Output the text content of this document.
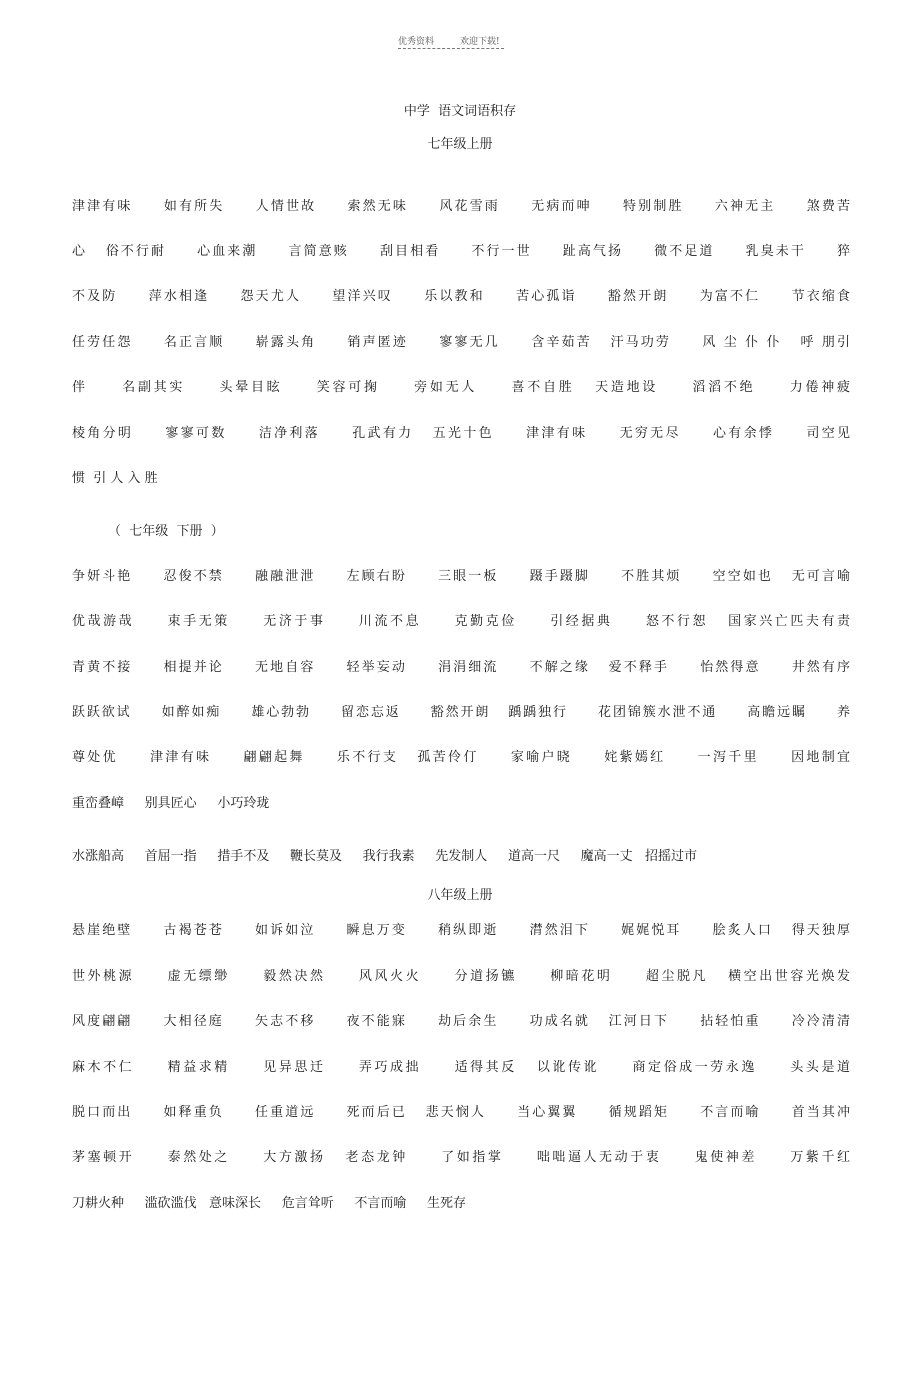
优秀资料	欢迎下载!
中学  语文词语积存
七年级上册
津津有味     如有所失     人情世故     索然无味     风花雪雨     无病而呻     特别制胜     六神无主     煞费苦
心   俗不行耐     心血来潮     言简意赅     刮目相看     不行一世     趾高气扬     微不足道     乳臭未干     猝
不及防     萍水相逢     怨天尤人     望洋兴叹     乐以教和     苦心孤诣     豁然开朗     为富不仁     节衣缩食
任劳任怨     名正言顺     崭露头角     销声匿迹     寥寥无几     含辛茹苦   汗马功劳     风 尘 仆 仆   呼 朋引
伴     名副其实     头晕目眩     笑容可掬     旁如无人     喜不自胜   天造地设     滔滔不绝     力倦神疲
棱角分明     寥寥可数     洁净利落     孔武有力   五光十色     津津有味     无穷无尽     心有余悸     司空见
惯  引 人 入 胜
（  七年级  下册  ）
争妍斗艳     忍俊不禁     融融泄泄     左顾右盼     三眼一板     蹑手蹑脚     不胜其烦     空空如也   无可言喻
优哉游哉     束手无策     无济于事     川流不息     克勤克俭     引经据典     怒不行恕   国家兴亡匹夫有责
青黄不接     相提并论     无地自容     轻举妄动     涓涓细流     不解之缘   爱不释手     怡然得意     井然有序
跃跃欲试     如醉如痴     雄心勃勃     留恋忘返     豁然开朗   踽踽独行     花团锦簇水泄不通     高瞻远瞩     养
尊处优     津津有味     翩翩起舞     乐不行支   孤苦伶仃     家喻户晓     姹紫嫣红     一泻千里     因地制宜
重峦叠嶂     别具匠心     小巧玲珑
水涨船高     首屈一指     措手不及     鞭长莫及     我行我素     先发制人     道高一尺     魔高一丈   招摇过市
八年级上册
悬崖绝壁     古褐苍苍     如诉如泣     瞬息万变     稍纵即逝     潸然泪下     娓娓悦耳     脍炙人口   得天独厚
世外桃源     虚无缥缈     毅然决然     风风火火     分道扬镳     柳暗花明     超尘脱凡   横空出世容光焕发
风度翩翩     大相径庭     矢志不移     夜不能寐     劫后余生     功成名就   江河日下     拈轻怕重     冷冷清清
麻木不仁     精益求精     见异思迁     弄巧成拙     适得其反   以讹传讹     商定俗成一劳永逸     头头是道
脱口而出     如释重负     任重道远     死而后已   悲天悯人     当心翼翼     循规蹈矩     不言而喻     首当其冲
茅塞顿开     泰然处之     大方激扬   老态龙钟     了如指掌     咄咄逼人无动于衷     鬼使神差     万紫千红
刀耕火种     滥砍滥伐   意味深长     危言耸听     不言而喻     生死存
